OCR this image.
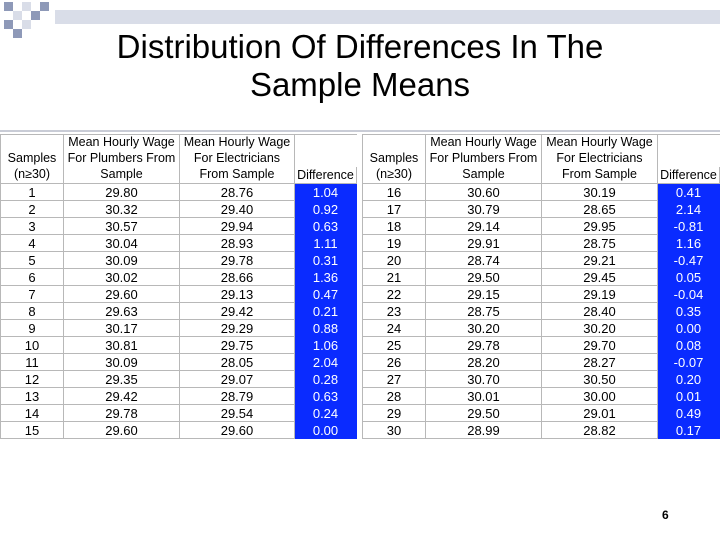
Distribution Of Differences In The
Sample Means
	Mean Hourly Wage	Mean Hourly Wage	
Samples	For Plumbers From	For Electricians	
(n≥30)	Sample	From Sample	Difference
1	29.80	28.76	1.04
2	30.32	29.40	0.92
3	30.57	29.94	0.63
4	30.04	28.93	1.11
5	30.09	29.78	0.31
6	30.02	28.66	1.36
7	29.60	29.13	0.47
8	29.63	29.42	0.21
9	30.17	29.29	0.88
10	30.81	29.75	1.06
11	30.09	28.05	2.04
12	29.35	29.07	0.28
13	29.42	28.79	0.63
14	29.78	29.54	0.24
15	29.60	29.60	0.00
	Mean Hourly Wage	Mean Hourly Wage	
Samples	For Plumbers From	For Electricians	
(n≥30)	Sample	From Sample	Difference
16	30.60	30.19	0.41
17	30.79	28.65	2.14
18	29.14	29.95	-0.81
19	29.91	28.75	1.16
20	28.74	29.21	-0.47
21	29.50	29.45	0.05
22	29.15	29.19	-0.04
23	28.75	28.40	0.35
24	30.20	30.20	0.00
25	29.78	29.70	0.08
26	28.20	28.27	-0.07
27	30.70	30.50	0.20
28	30.01	30.00	0.01
29	29.50	29.01	0.49
30	28.99	28.82	0.17
6
